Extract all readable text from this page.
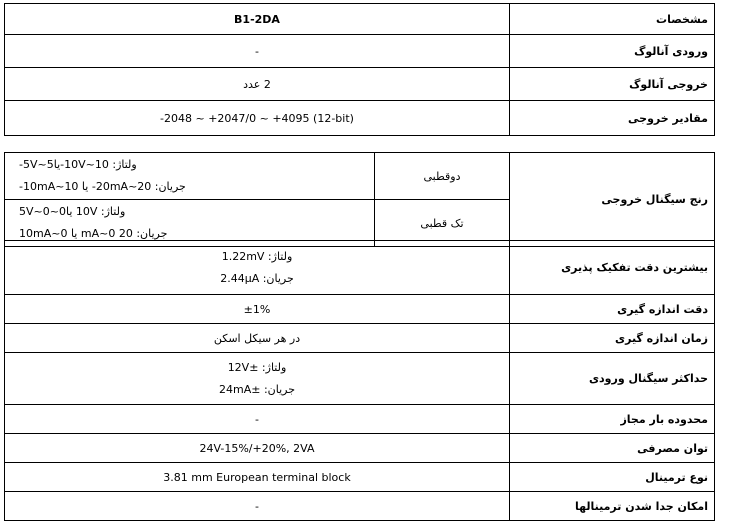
مشخصات	B1-2DA
ورودی آنالوگ	-
خروجی آنالوگ	2 عدد
مقادیر خروجی	-2048 ~ +2047/0 ~ +4095 (12-bit)
رنج سیگنال خروجی	دوقطبی	ولتاژ: 10V~10-یا5V~5-
جریان: 20mA~20- یا 10mA~10-

	تک قطبی	ولتاژ: 10V یا0~5V~0
جریان: 20 mA~0 یا 10mA~0
بیشترین دقت تفکیک پذیری	ولتاژ: 1.22mV
جریان: 2.44µA

دقت اندازه گیری	±1%
زمان اندازه گیری	در هر سیکل اسکن
حداکثر سیگنال ورودی	ولتاژ: ±12V
جریان: ±24mA

محدوده بار مجاز	-
توان مصرفی	24V-15%/+20%, 2VA
نوع ترمینال	3.81 mm European terminal block
امکان جدا شدن ترمینالها	-
